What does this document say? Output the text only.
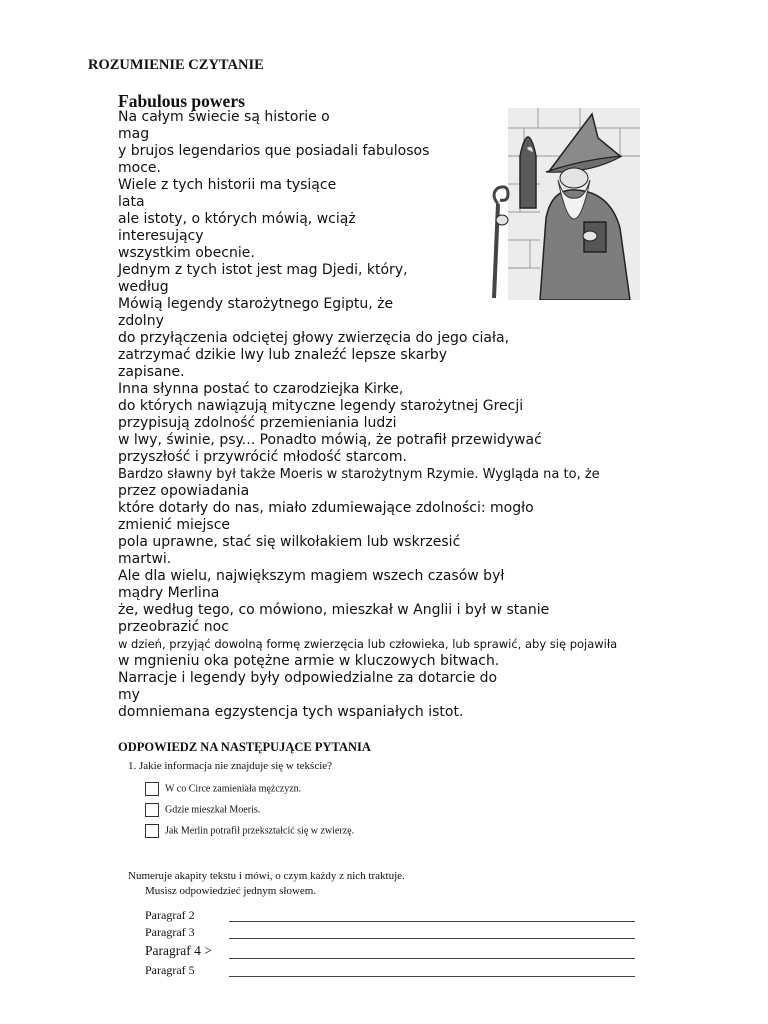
ROZUMIENIE CZYTANIE
Fabulous powers
Na całym świecie są historie o
mag
y brujos legendarios que posiadali fabulosos
moce.
Wiele z tych historii ma tysiące
lata
ale istoty, o których mówią, wciąż
interesujący
wszystkim obecnie.
Jednym z tych istot jest mag Djedi, który,
według
Mówią legendy starożytnego Egiptu, że
zdolny
do przyłączenia odciętej głowy zwierzęcia do jego ciała,
zatrzymać dzikie lwy lub znaleźć lepsze skarby
zapisane.
Inna słynna postać to czarodziejka Kirke,
do których nawiązują mityczne legendy starożytnej Grecji
przypisują zdolność przemieniania ludzi
w lwy, świnie, psy... Ponadto mówią, że potrafił przewidywać
przyszłość i przywrócić młodość starcom.
Bardzo sławny był także Moeris w starożytnym Rzymie. Wygląda na to, że
przez opowiadania
które dotarły do nas, miało zdumiewające zdolności: mogło
zmienić miejsce
pola uprawne, stać się wilkołakiem lub wskrzesić
martwi.
Ale dla wielu, największym magiem wszech czasów był
mądry Merlina
że, według tego, co mówiono, mieszkał w Anglii i był w stanie
przeobrazić noc
w dzień, przyjąć dowolną formę zwierzęcia lub człowieka, lub sprawić, aby się pojawiła
w mgnieniu oka potężne armie w kluczowych bitwach.
Narracje i legendy były odpowiedzialne za dotarcie do
my
domniemana egzystencja tych wspaniałych istot.
ODPOWIEDZ NA NASTĘPUJĄCE PYTANIA
1. Jakie informacja nie znajduje się w tekście?
W co Circe zamieniała mężczyzn.
Gdzie mieszkał Moeris.
Jak Merlin potrafił przekształcić się w zwierzę.
Numeruje akapity tekstu i mówi, o czym każdy z nich traktuje.
Musisz odpowiedzieć jednym słowem.
Paragraf 2
Paragraf 3
Paragraf 4 >
Paragraf 5
